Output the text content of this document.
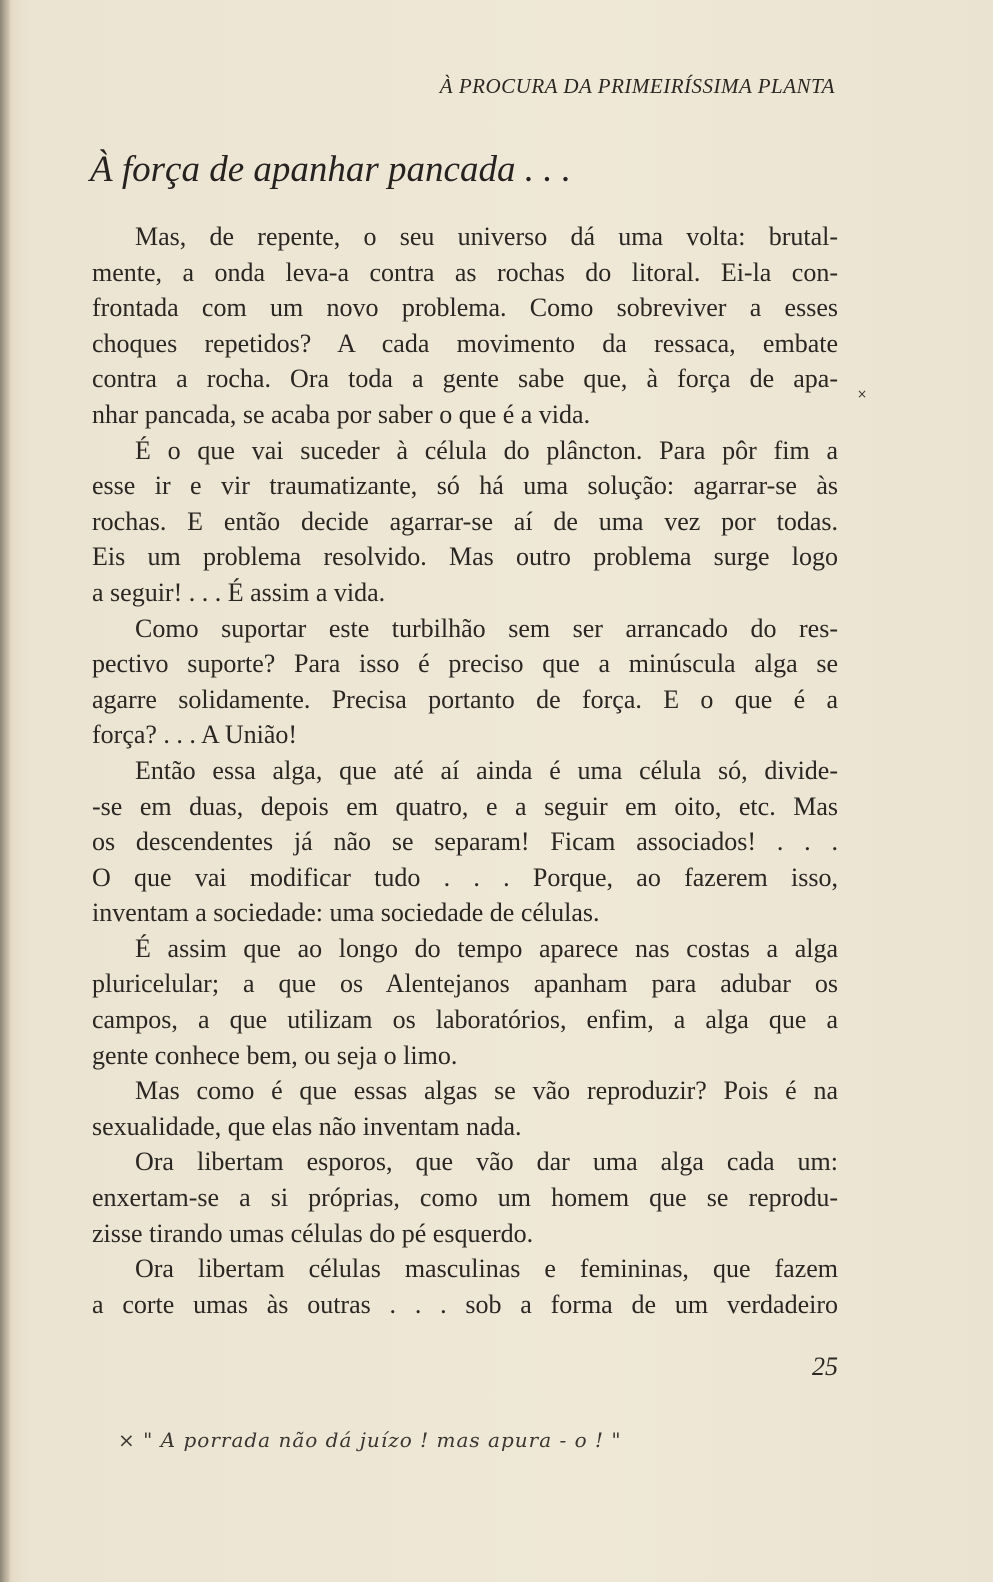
À PROCURA DA PRIMEIRÍSSIMA PLANTA
À força de apanhar pancada . . .
Mas, de repente, o seu universo dá uma volta: brutal-
mente, a onda leva-a contra as rochas do litoral. Ei-la con-
frontada com um novo problema. Como sobreviver a esses
choques repetidos? A cada movimento da ressaca, embate
contra a rocha. Ora toda a gente sabe que, à força de apa-
nhar pancada, se acaba por saber o que é a vida.
É o que vai suceder à célula do plâncton. Para pôr fim a
esse ir e vir traumatizante, só há uma solução: agarrar-se às
rochas. E então decide agarrar-se aí de uma vez por todas.
Eis um problema resolvido. Mas outro problema surge logo
a seguir! . . . É assim a vida.
Como suportar este turbilhão sem ser arrancado do res-
pectivo suporte? Para isso é preciso que a minúscula alga se
agarre solidamente. Precisa portanto de força. E o que é a
força? . . . A União!
Então essa alga, que até aí ainda é uma célula só, divide-
-se em duas, depois em quatro, e a seguir em oito, etc. Mas
os descendentes já não se separam! Ficam associados! . . .
O que vai modificar tudo . . . Porque, ao fazerem isso,
inventam a sociedade: uma sociedade de células.
É assim que ao longo do tempo aparece nas costas a alga
pluricelular; a que os Alentejanos apanham para adubar os
campos, a que utilizam os laboratórios, enfim, a alga que a
gente conhece bem, ou seja o limo.
Mas como é que essas algas se vão reproduzir? Pois é na
sexualidade, que elas não inventam nada.
Ora libertam esporos, que vão dar uma alga cada um:
enxertam-se a si próprias, como um homem que se reprodu-
zisse tirando umas células do pé esquerdo.
Ora libertam células masculinas e femininas, que fazem
a corte umas às outras . . . sob a forma de um verdadeiro
×
25
× " A porrada não dá juízo ! mas apura - o ! "
